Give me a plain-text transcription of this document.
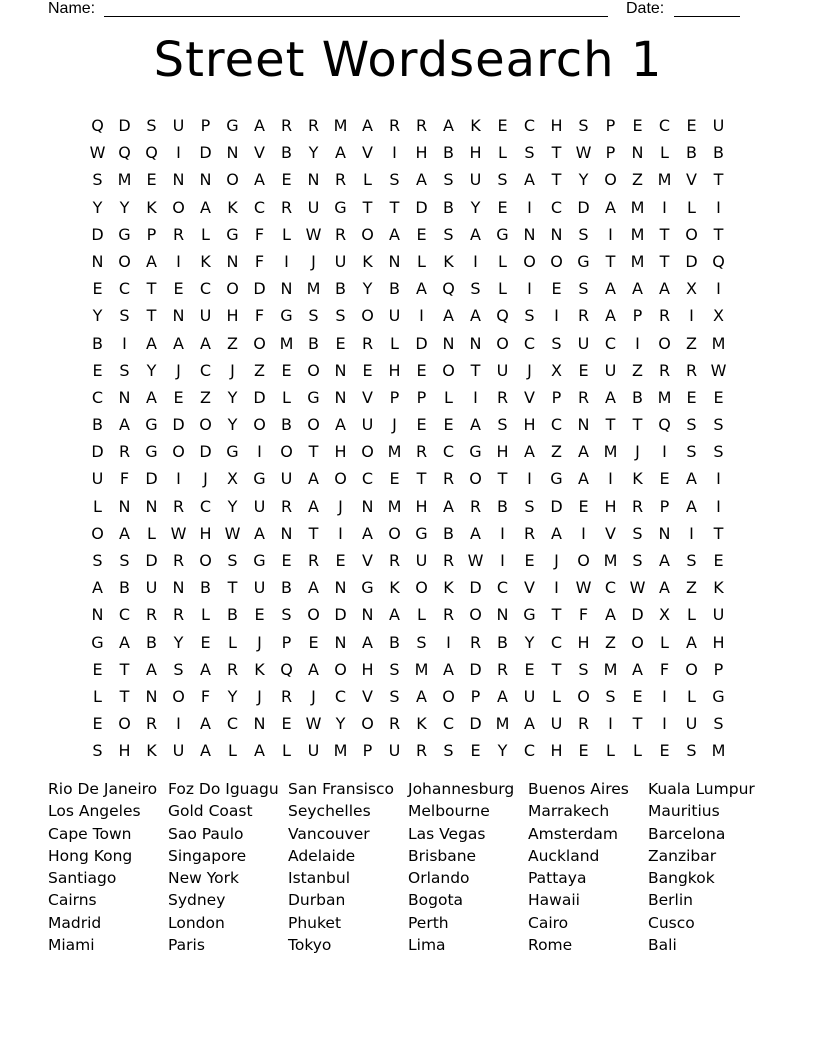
Name:	Date:
Street Wordsearch 1
Q D S	U	P G A R R M A R R A	K	E	C H S	P	E	C	E	U
W Q Q	I	D N V	B	Y	A	V	I	H B H	L	S	T W P	N	L	B	B
S M E N N O A	E N R	L	S	A	S	U	S	A	T	Y O Z M V	T
Y	Y	K O A	K	C R U G T	T D B	Y	E	I	C D A M	I	L	I
D G P	R	L	G	F	L W R O A	E	S	A G N N S	I	M T O T
N O A	I	K N	F	I	J	U K N	L	K	I	L	O O G T M T D Q
E	C	T	E	C O D N M B	Y	B	A Q S	L	I	E	S	A	A	A	X	I
Y	S	T	N U H	F	G S	S O U	I	A	A Q S	I	R A	P	R	I	X
B	I	A	A	A	Z O M B	E	R	L	D N N O C	S	U C	I	O Z M
E	S	Y	J	C	J	Z	E O N E H E O T	U	J	X	E	U Z R R W
C N A	E	Z	Y D	L	G N V	P	P	L	I	R V	P	R A	B M E	E
B	A G D O Y O B O A U	J	E	E	A	S H C N	T	T Q S	S
D R G O D G	I	O T	H O M R C G H A	Z	A M	J	I	S	S
U	F	D	I	J	X G U A O C	E	T	R O T	I	G A	I	K	E	A	I
L	N N R C	Y	U R A	J	N M H A R B	S D E H R	P	A	I
O A	L W H W A N	T	I	A O G B	A	I	R A	I	V	S N	I	T
S	S D R O S G E	R	E	V R U R W	I	E	J	O M S	A	S	E
A	B U N B	T	U B	A N G K O K D C V	I	W C W A	Z	K
N C R R	L	B	E	S O D N A	L	R O N G T	F	A D X	L	U
G A	B	Y	E	L	J	P	E N A	B	S	I	R B	Y	C H Z O	L	A H
E	T	A	S	A R	K Q A O H S M A D R	E	T	S M A	F	O P
L	T	N O	F	Y	J	R	J	C V	S	A O P	A U	L	O S	E	I	L	G
E O R	I	A C N E W Y O R	K	C D M A U R	I	T	I	U	S
S H K U A	L	A	L	U M P	U R	S	E	Y	C H E	L	L	E	S M
Rio De Janeiro
Los Angeles
Cape Town
Hong Kong
Santiago
Cairns
Madrid
Miami
Foz Do Iguagu
Gold Coast
Sao Paulo
Singapore
New York
Sydney
London
Paris
San Fransisco
Seychelles
Vancouver
Adelaide
Istanbul
Durban
Phuket
Tokyo
Johannesburg
Melbourne
Las Vegas
Brisbane
Orlando
Bogota
Perth
Lima
Buenos Aires
Marrakech
Amsterdam
Auckland
Pattaya
Hawaii
Cairo
Rome
Kuala Lumpur
Mauritius
Barcelona
Zanzibar
Bangkok
Berlin
Cusco
Bali
